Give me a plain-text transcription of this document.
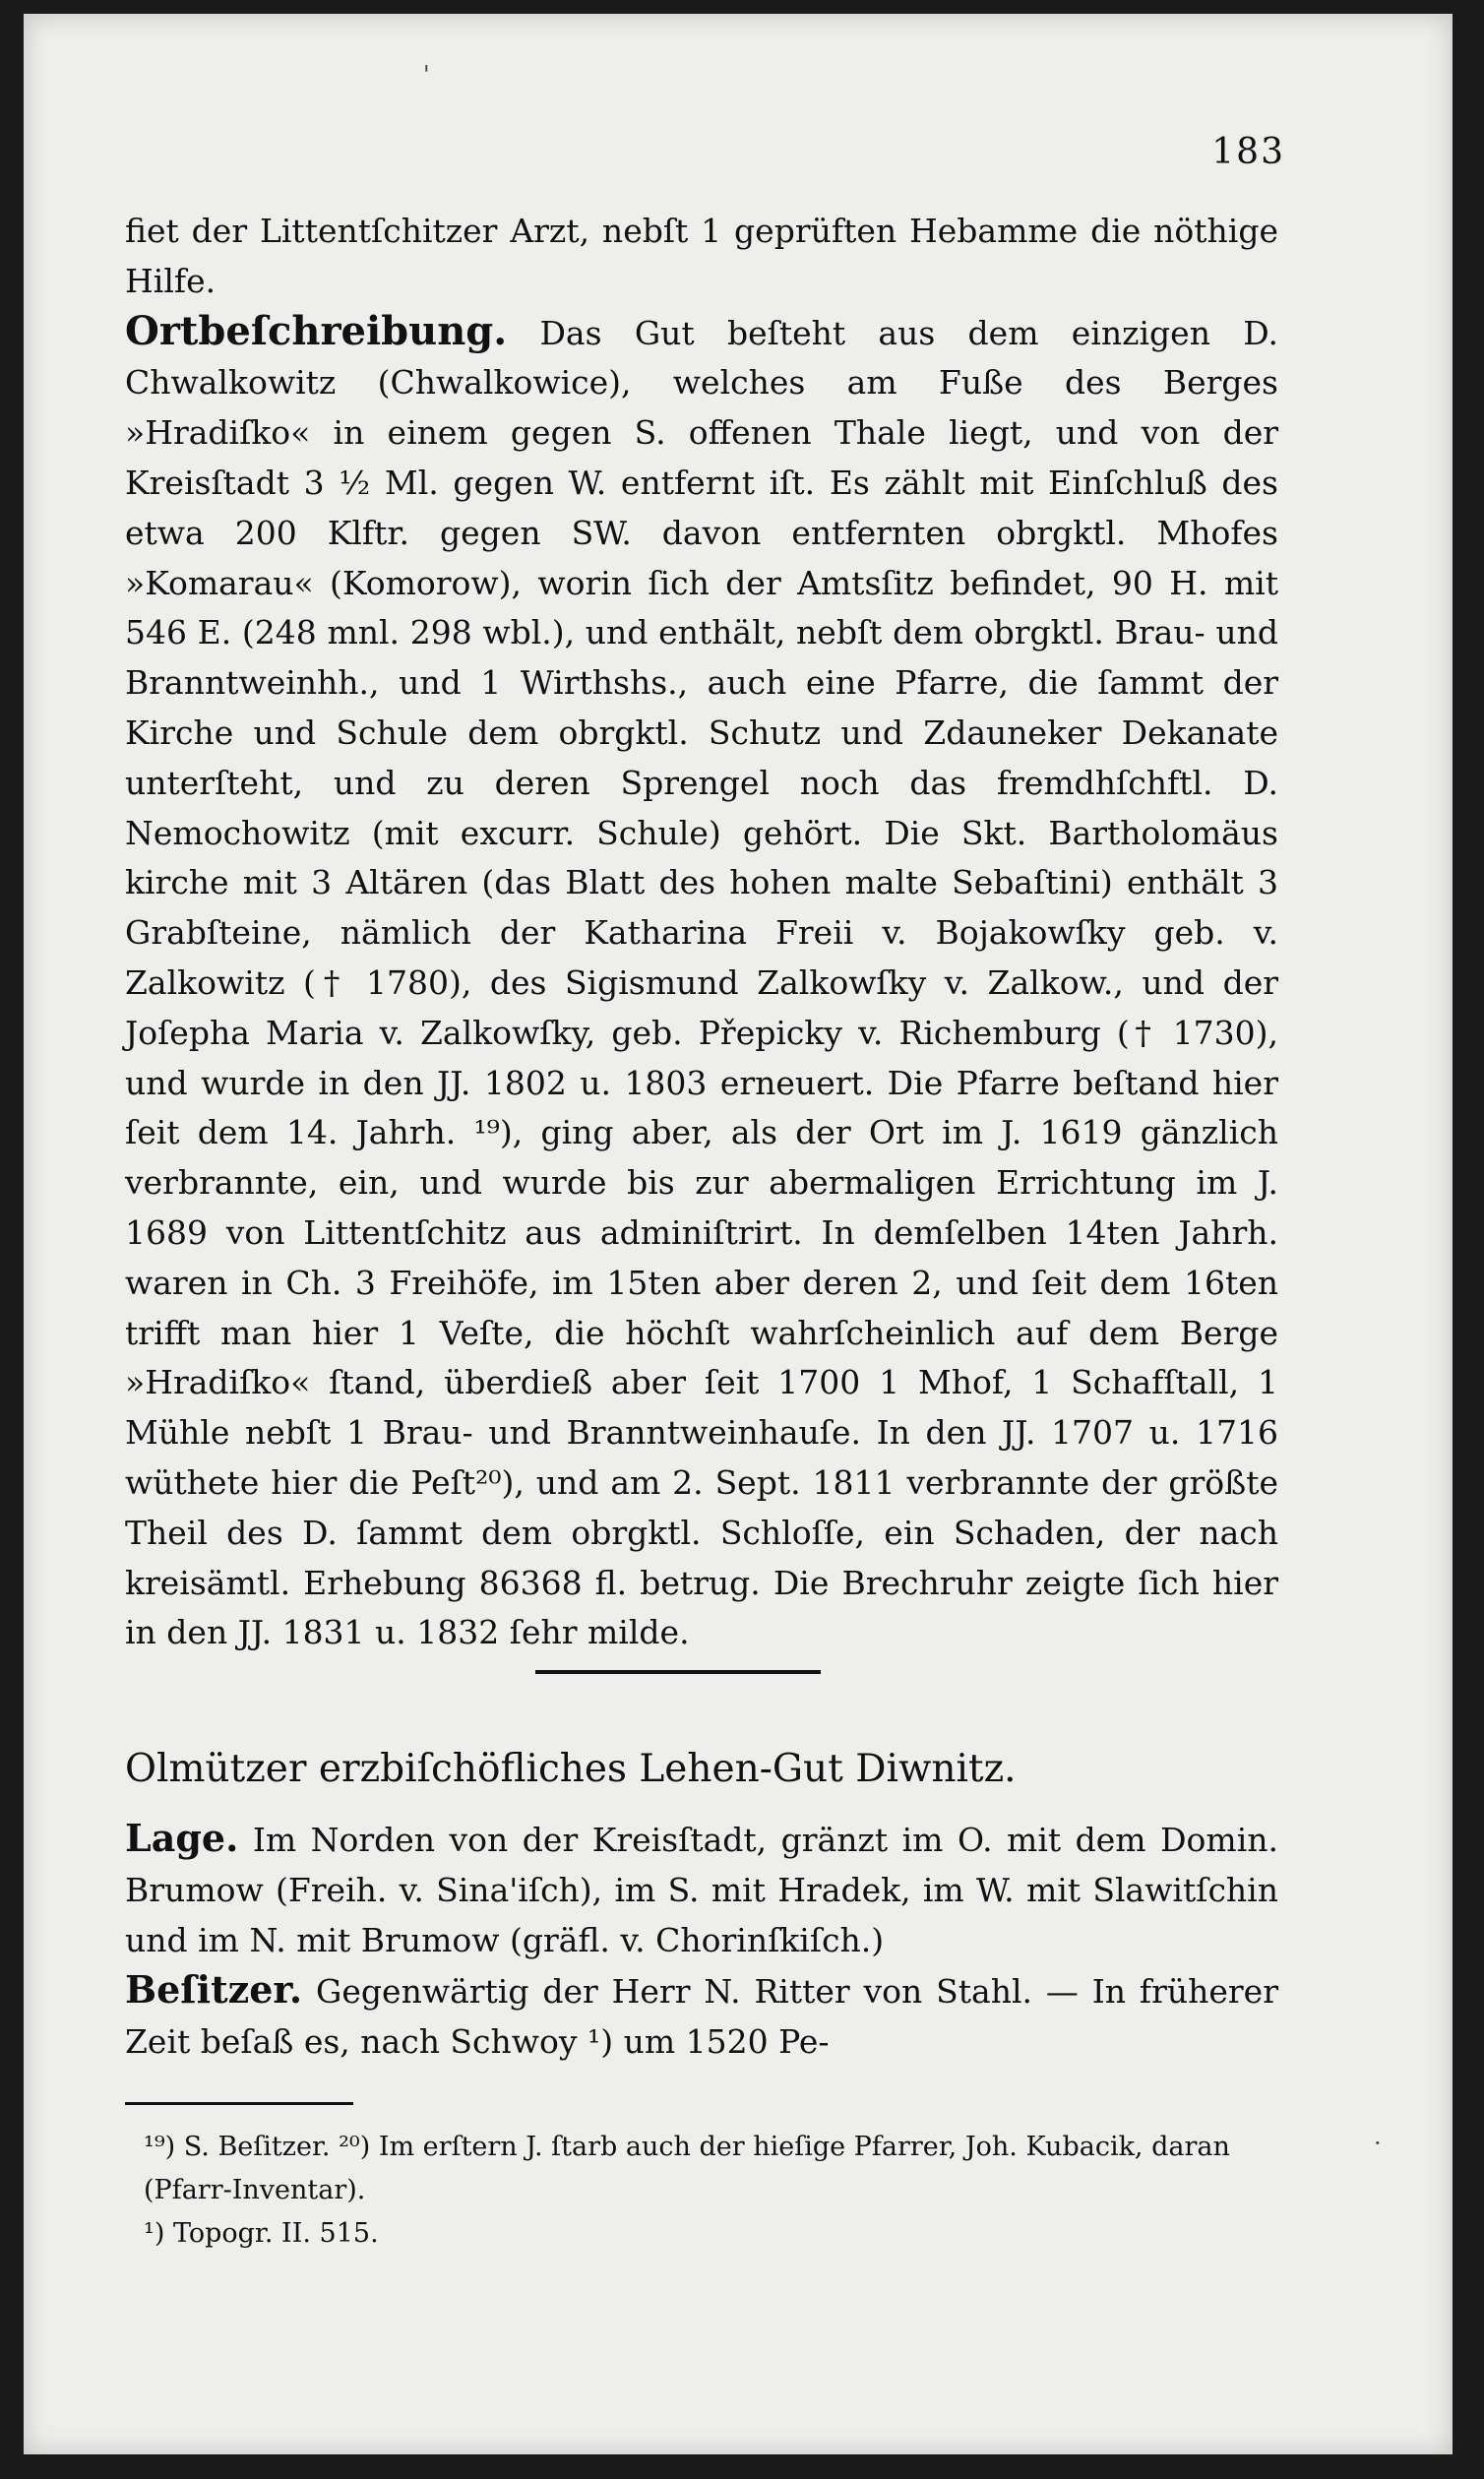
183

fiet der Littentſchitzer Arzt, nebſt 1 geprüften Hebamme die nöthige Hilfe.

Ortbeſchreibung. Das Gut beſteht aus dem einzigen D. Chwalkowitz (Chwalkowice), welches am Fuße des Berges »Hradiſko« in einem gegen S. offenen Thale liegt, und von der Kreisſtadt 3 ½ Ml. gegen W. entfernt iſt. Es zählt mit Einſchluß des etwa 200 Klftr. gegen SW. davon entfernten obrgktl. Mhofes »Komarau« (Komorow), worin ſich der Amtsſitz befindet, 90 H. mit 546 E. (248 mnl. 298 wbl.), und enthält, nebſt dem obrgktl. Brau- und Branntweinhh., und 1 Wirthshs., auch eine Pfarre, die ſammt der Kirche und Schule dem obrgktl. Schutz und Zdauneker Dekanate unterſteht, und zu deren Sprengel noch das fremdhſchftl. D. Nemochowitz (mit excurr. Schule) gehört. Die Skt. Bartholomäus kirche mit 3 Altären (das Blatt des hohen malte Sebaſtini) enthält 3 Grabſteine, nämlich der Katharina Freii v. Bojakowſky geb. v. Zalkowitz († 1780), des Sigismund Zalkowſky v. Zalkow., und der Joſepha Maria v. Zalkowſky, geb. Přepicky v. Richemburg († 1730), und wurde in den JJ. 1802 u. 1803 erneuert. Die Pfarre beſtand hier ſeit dem 14. Jahrh. ¹⁹), ging aber, als der Ort im J. 1619 gänzlich verbrannte, ein, und wurde bis zur abermaligen Errichtung im J. 1689 von Littentſchitz aus adminiſtrirt. In demſelben 14ten Jahrh. waren in Ch. 3 Freihöfe, im 15ten aber deren 2, und ſeit dem 16ten trifft man hier 1 Veſte, die höchſt wahrſcheinlich auf dem Berge »Hradiſko« ſtand, überdieß aber ſeit 1700 1 Mhof, 1 Schafſtall, 1 Mühle nebſt 1 Brau- und Branntweinhauſe. In den JJ. 1707 u. 1716 wüthete hier die Peſt²⁰), und am 2. Sept. 1811 verbrannte der größte Theil des D. ſammt dem obrgktl. Schloſſe, ein Schaden, der nach kreisämtl. Erhebung 86368 fl. betrug. Die Brechruhr zeigte ſich hier in den JJ. 1831 u. 1832 ſehr milde.

Olmützer erzbiſchöfliches Lehen-Gut Diwnitz.

Lage. Im Norden von der Kreisſtadt, gränzt im O. mit dem Domin. Brumow (Freih. v. Sina'iſch), im S. mit Hradek, im W. mit Slawitſchin und im N. mit Brumow (gräfl. v. Chorinſkiſch.)

Beſitzer. Gegenwärtig der Herr N. Ritter von Stahl. — In früherer Zeit beſaß es, nach Schwoy ¹) um 1520 Pe-

¹⁹) S. Beſitzer. ²⁰) Im erſtern J. ſtarb auch der hieſige Pfarrer, Joh. Kubacik, daran (Pfarr-Inventar).

¹) Topogr. II. 515.

'
·
